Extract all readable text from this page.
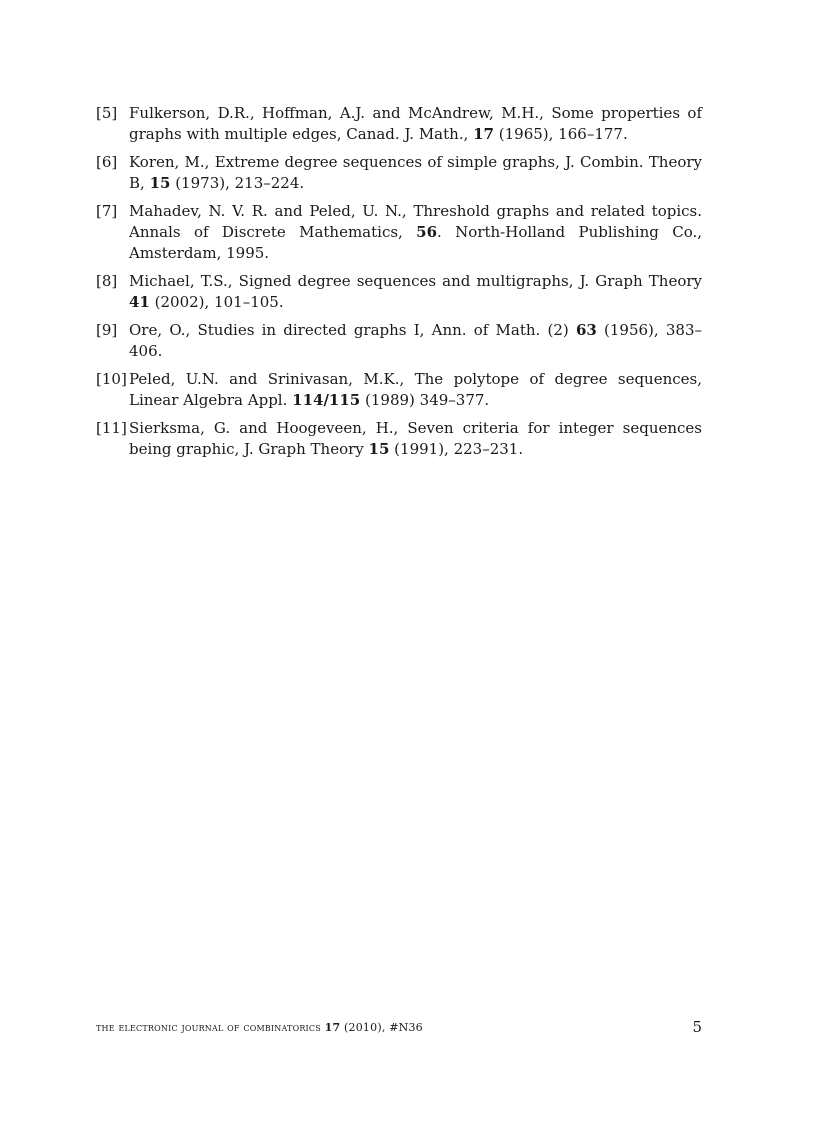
[5] Fulkerson, D.R., Hoffman, A.J. and McAndrew, M.H., Some properties of graphs with multiple edges, Canad. J. Math., 17 (1965), 166–177.
[6] Koren, M., Extreme degree sequences of simple graphs, J. Combin. Theory B, 15 (1973), 213–224.
[7] Mahadev, N. V. R. and Peled, U. N., Threshold graphs and related topics. Annals of Discrete Mathematics, 56. North-Holland Publishing Co., Amsterdam, 1995.
[8] Michael, T.S., Signed degree sequences and multigraphs, J. Graph Theory 41 (2002), 101–105.
[9] Ore, O., Studies in directed graphs I, Ann. of Math. (2) 63 (1956), 383–406.
[10] Peled, U.N. and Srinivasan, M.K., The polytope of degree sequences, Linear Algebra Appl. 114/115 (1989) 349–377.
[11] Sierksma, G. and Hoogeveen, H., Seven criteria for integer sequences being graphic, J. Graph Theory 15 (1991), 223–231.
the electronic journal of combinatorics 17 (2010), #N36	5
